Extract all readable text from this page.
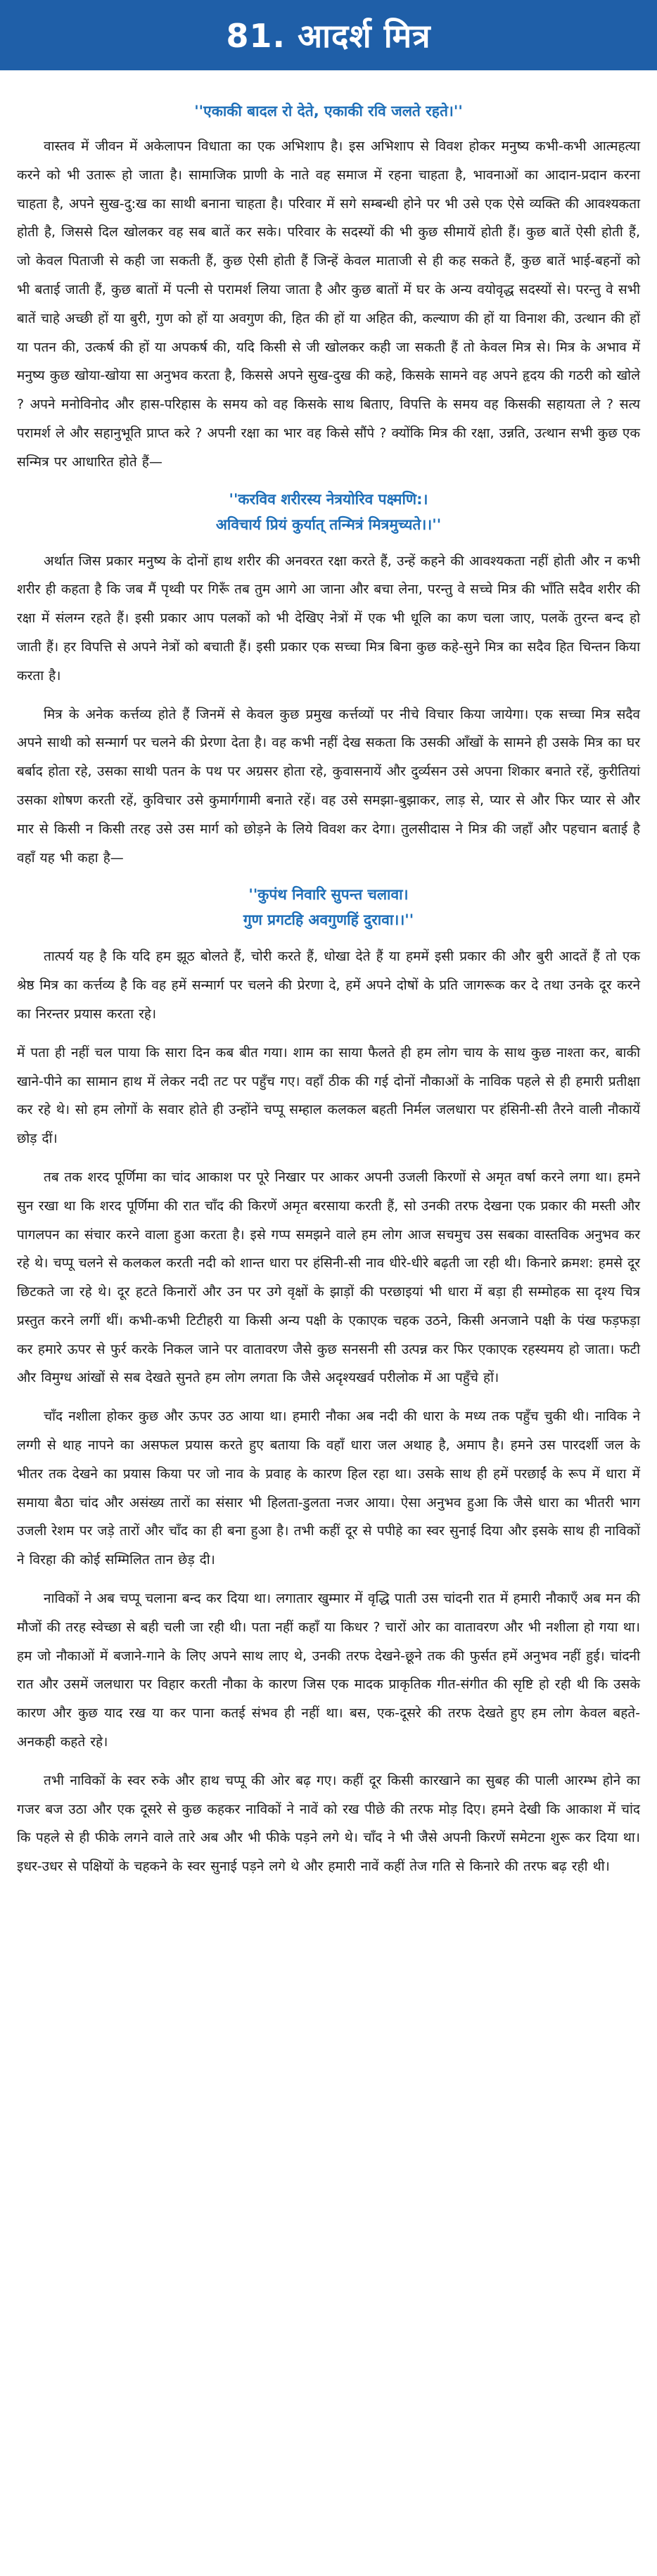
81. आदर्श मित्र

''एकाकी बादल रो देते, एकाकी रवि जलते रहते।''

वास्तव में जीवन में अकेलापन विधाता का एक अभिशाप है। इस अभिशाप से विवश होकर मनुष्य कभी-कभी आत्महत्या करने को भी उतारू हो जाता है। सामाजिक प्राणी के नाते वह समाज में रहना चाहता है, भावनाओं का आदान-प्रदान करना चाहता है, अपने सुख-दु:ख का साथी बनाना चाहता है। परिवार में सगे सम्बन्धी होने पर भी उसे एक ऐसे व्यक्ति की आवश्यकता होती है, जिससे दिल खोलकर वह सब बातें कर सके। परिवार के सदस्यों की भी कुछ सीमायें होती हैं। कुछ बातें ऐसी होती हैं, जो केवल पिताजी से कही जा सकती हैं, कुछ ऐसी होती हैं जिन्हें केवल माताजी से ही कह सकते हैं, कुछ बातें भाई-बहनों को भी बताई जाती हैं, कुछ बातों में पत्नी से परामर्श लिया जाता है और कुछ बातों में घर के अन्य वयोवृद्ध सदस्यों से। परन्तु वे सभी बातें चाहे अच्छी हों या बुरी, गुण को हों या अवगुण की, हित की हों या अहित की, कल्याण की हों या विनाश की, उत्थान की हों या पतन की, उत्कर्ष की हों या अपकर्ष की, यदि किसी से जी खोलकर कही जा सकती हैं तो केवल मित्र से। मित्र के अभाव में मनुष्य कुछ खोया-खोया सा अनुभव करता है, किससे अपने सुख-दुख की कहे, किसके सामने वह अपने हृदय की गठरी को खोले ? अपने मनोविनोद और हास-परिहास के समय को वह किसके साथ बिताए, विपत्ति के समय वह किसकी सहायता ले ? सत्य परामर्श ले और सहानुभूति प्राप्त करे ? अपनी रक्षा का भार वह किसे सौंपे ? क्योंकि मित्र की रक्षा, उन्नति, उत्थान सभी कुछ एक सन्मित्र पर आधारित होते हैं—

''करविव शरीरस्य नेत्रयोरिव पक्ष्मणि:।
अविचार्य प्रियं कुर्यात् तन्मित्रं मित्रमुच्यते।।''

अर्थात जिस प्रकार मनुष्य के दोनों हाथ शरीर की अनवरत रक्षा करते हैं, उन्हें कहने की आवश्यकता नहीं होती और न कभी शरीर ही कहता है कि जब मैं पृथ्वी पर गिरूँ तब तुम आगे आ जाना और बचा लेना, परन्तु वे सच्चे मित्र की भाँति सदैव शरीर की रक्षा में संलग्न रहते हैं। इसी प्रकार आप पलकों को भी देखिए नेत्रों में एक भी धूलि का कण चला जाए, पलकें तुरन्त बन्द हो जाती हैं। हर विपत्ति से अपने नेत्रों को बचाती हैं। इसी प्रकार एक सच्चा मित्र बिना कुछ कहे-सुने मित्र का सदैव हित चिन्तन किया करता है।

मित्र के अनेक कर्त्तव्य होते हैं जिनमें से केवल कुछ प्रमुख कर्त्तव्यों पर नीचे विचार किया जायेगा। एक सच्चा मित्र सदैव अपने साथी को सन्मार्ग पर चलने की प्रेरणा देता है। वह कभी नहीं देख सकता कि उसकी आँखों के सामने ही उसके मित्र का घर बर्बाद होता रहे, उसका साथी पतन के पथ पर अग्रसर होता रहे, कुवासनायें और दुर्व्यसन उसे अपना शिकार बनाते रहें, कुरीतियां उसका शोषण करती रहें, कुविचार उसे कुमार्गगामी बनाते रहें। वह उसे समझा-बुझाकर, लाड़ से, प्यार से और फिर प्यार से और मार से किसी न किसी तरह उसे उस मार्ग को छोड़ने के लिये विवश कर देगा। तुलसीदास ने मित्र की जहाँ और पहचान बताई है वहाँ यह भी कहा है—

''कुपंथ निवारि सुपन्त चलावा।
गुण प्रगटहि अवगुणहिं दुरावा।।''

तात्पर्य यह है कि यदि हम झूठ बोलते हैं, चोरी करते हैं, धोखा देते हैं या हममें इसी प्रकार की और बुरी आदतें हैं तो एक श्रेष्ठ मित्र का कर्त्तव्य है कि वह हमें सन्मार्ग पर चलने की प्रेरणा दे, हमें अपने दोषों के प्रति जागरूक कर दे तथा उनके दूर करने का निरन्तर प्रयास करता रहे।

में पता ही नहीं चल पाया कि सारा दिन कब बीत गया। शाम का साया फैलते ही हम लोग चाय के साथ कुछ नाश्ता कर, बाकी खाने-पीने का सामान हाथ में लेकर नदी तट पर पहुँच गए। वहाँ ठीक की गई दोनों नौकाओं के नाविक पहले से ही हमारी प्रतीक्षा कर रहे थे। सो हम लोगों के सवार होते ही उन्होंने चप्पू सम्हाल कलकल बहती निर्मल जलधारा पर हंसिनी-सी तैरने वाली नौकायें छोड़ दीं।

तब तक शरद पूर्णिमा का चांद आकाश पर पूरे निखार पर आकर अपनी उजली किरणों से अमृत वर्षा करने लगा था। हमने सुन रखा था कि शरद पूर्णिमा की रात चाँद की किरणें अमृत बरसाया करती हैं, सो उनकी तरफ देखना एक प्रकार की मस्ती और पागलपन का संचार करने वाला हुआ करता है। इसे गप्प समझने वाले हम लोग आज सचमुच उस सबका वास्तविक अनुभव कर रहे थे। चप्पू चलने से कलकल करती नदी को शान्त धारा पर हंसिनी-सी नाव धीरे-धीरे बढ़ती जा रही थी। किनारे क्रमश: हमसे दूर छिटकते जा रहे थे। दूर हटते किनारों और उन पर उगे वृक्षों के झाड़ों की परछाइयां भी धारा में बड़ा ही सम्मोहक सा दृश्य चित्र प्रस्तुत करने लगीं थीं। कभी-कभी टिटीहरी या किसी अन्य पक्षी के एकाएक चहक उठने, किसी अनजाने पक्षी के पंख फड़फड़ा कर हमारे ऊपर से फुर्र करके निकल जाने पर वातावरण जैसे कुछ सनसनी सी उत्पन्न कर फिर एकाएक रहस्यमय हो जाता। फटी और विमुग्ध आंखों से सब देखते सुनते हम लोग लगता कि जैसे अदृश्यखर्व परीलोक में आ पहुँचे हों।

चाँद नशीला होकर कुछ और ऊपर उठ आया था। हमारी नौका अब नदी की धारा के मध्य तक पहुँच चुकी थी। नाविक ने लग्गी से थाह नापने का असफल प्रयास करते हुए बताया कि वहाँ धारा जल अथाह है, अमाप है। हमने उस पारदर्शी जल के भीतर तक देखने का प्रयास किया पर जो नाव के प्रवाह के कारण हिल रहा था। उसके साथ ही हमें परछाईं के रूप में धारा में समाया बैठा चांद और असंख्य तारों का संसार भी हिलता-डुलता नजर आया। ऐसा अनुभव हुआ कि जैसे धारा का भीतरी भाग उजली रेशम पर जड़े तारों और चाँद का ही बना हुआ है। तभी कहीं दूर से पपीहे का स्वर सुनाई दिया और इसके साथ ही नाविकों ने विरहा की कोई सम्मिलित तान छेड़ दी।

नाविकों ने अब चप्पू चलाना बन्द कर दिया था। लगातार खुम्मार में वृद्धि पाती उस चांदनी रात में हमारी नौकाएँ अब मन की मौजों की तरह स्वेच्छा से बही चली जा रही थी। पता नहीं कहाँ या किधर ? चारों ओर का वातावरण और भी नशीला हो गया था। हम जो नौकाओं में बजाने-गाने के लिए अपने साथ लाए थे, उनकी तरफ देखने-छूने तक की फुर्सत हमें अनुभव नहीं हुई। चांदनी रात और उसमें जलधारा पर विहार करती नौका के कारण जिस एक मादक प्राकृतिक गीत-संगीत की सृष्टि हो रही थी कि उसके कारण और कुछ याद रख या कर पाना कतई संभव ही नहीं था। बस, एक-दूसरे की तरफ देखते हुए हम लोग केवल बहते-अनकही कहते रहे।

तभी नाविकों के स्वर रुके और हाथ चप्पू की ओर बढ़ गए। कहीं दूर किसी कारखाने का सुबह की पाली आरम्भ होने का गजर बज उठा और एक दूसरे से कुछ कहकर नाविकों ने नावें को रख पीछे की तरफ मोड़ दिए। हमने देखी कि आकाश में चांद कि पहले से ही फीके लगने वाले तारे अब और भी फीके पड़ने लगे थे। चाँद ने भी जैसे अपनी किरणें समेटना शुरू कर दिया था। इधर-उधर से पक्षियों के चहकने के स्वर सुनाई पड़ने लगे थे और हमारी नावें कहीं तेज गति से किनारे की तरफ बढ़ रही थी।
